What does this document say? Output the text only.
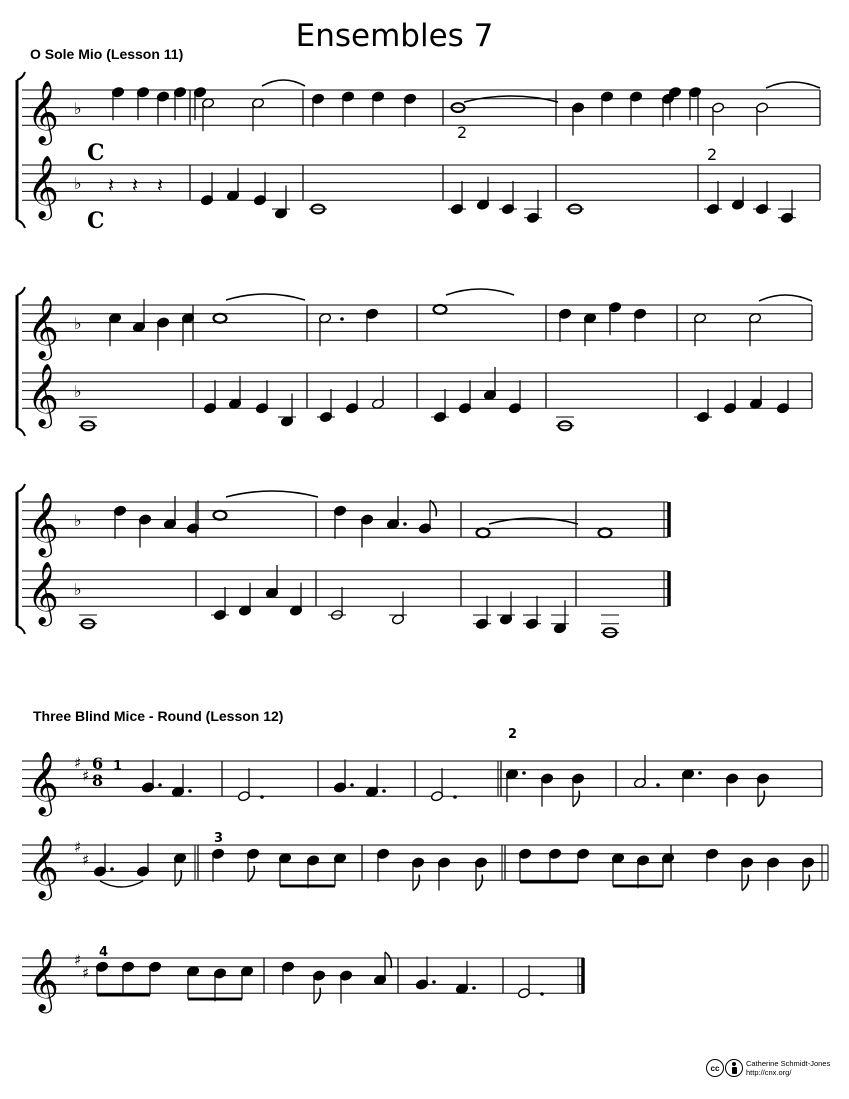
Ensembles 7
O Sole Mio (Lesson 11)
Three Blind Mice - Round (Lesson 12)
𝄞
𝄞
♭
♭
𝄞
𝄞
♭
♭
𝄞
𝄞
♭
♭
𝄞 ♯
♯
𝄞 ♯
♯
𝄞 ♯
♯
𝄽 𝄽 𝄽
2
2
1
2
3
4
C
C
6
8
cc
Catherine Schmidt-Jones
http://cnx.org/
